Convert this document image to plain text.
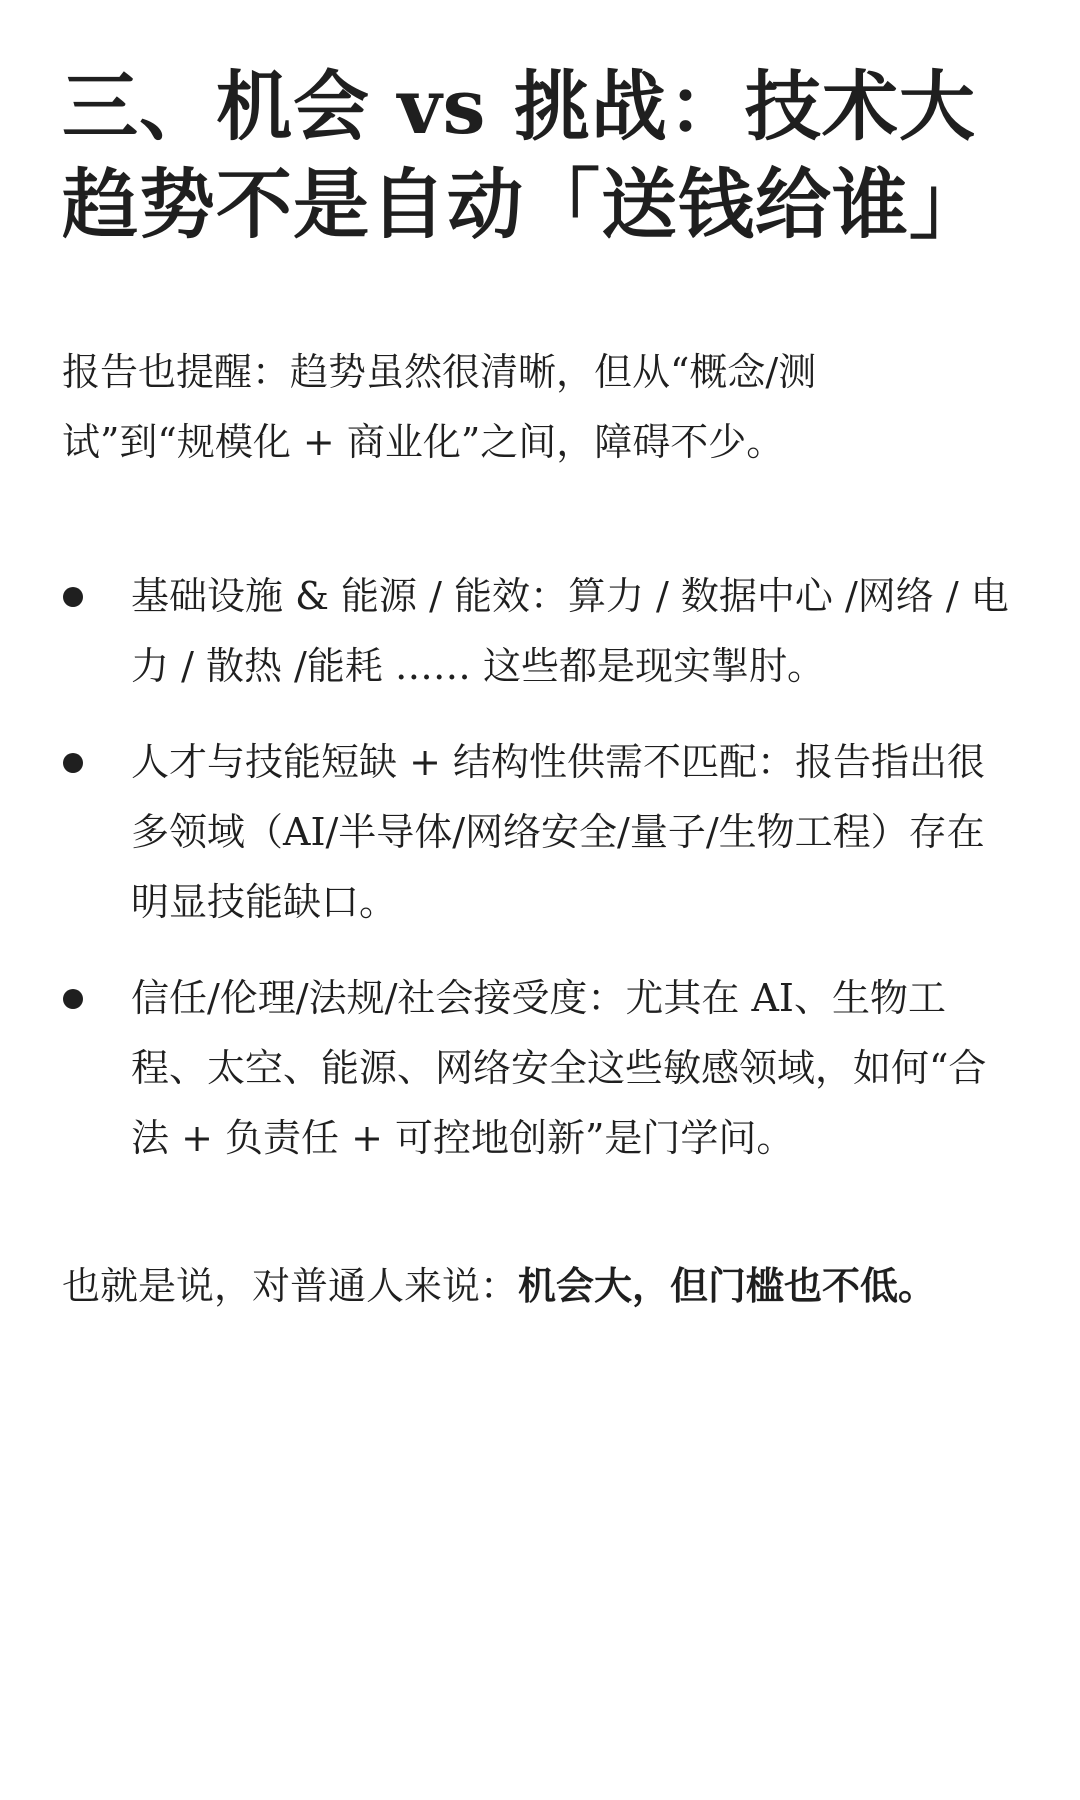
三、机会 vs 挑战：技术大趋势不是自动「送钱给谁」

报告也提醒：趋势虽然很清晰，但从“概念/测试”到“规模化 + 商业化”之间，障碍不少。

基础设施 & 能源 / 能效：算力 / 数据中心 /网络 / 电力 / 散热 /能耗 …… 这些都是现实掣肘。
人才与技能短缺 + 结构性供需不匹配：报告指出很多领域（AI/半导体/网络安全/量子/生物工程）存在明显技能缺口。
信任/伦理/法规/社会接受度：尤其在 AI、生物工程、太空、能源、网络安全这些敏感领域，如何“合法 + 负责任 + 可控地创新”是门学问。

也就是说，对普通人来说：机会大，但门槛也不低。
